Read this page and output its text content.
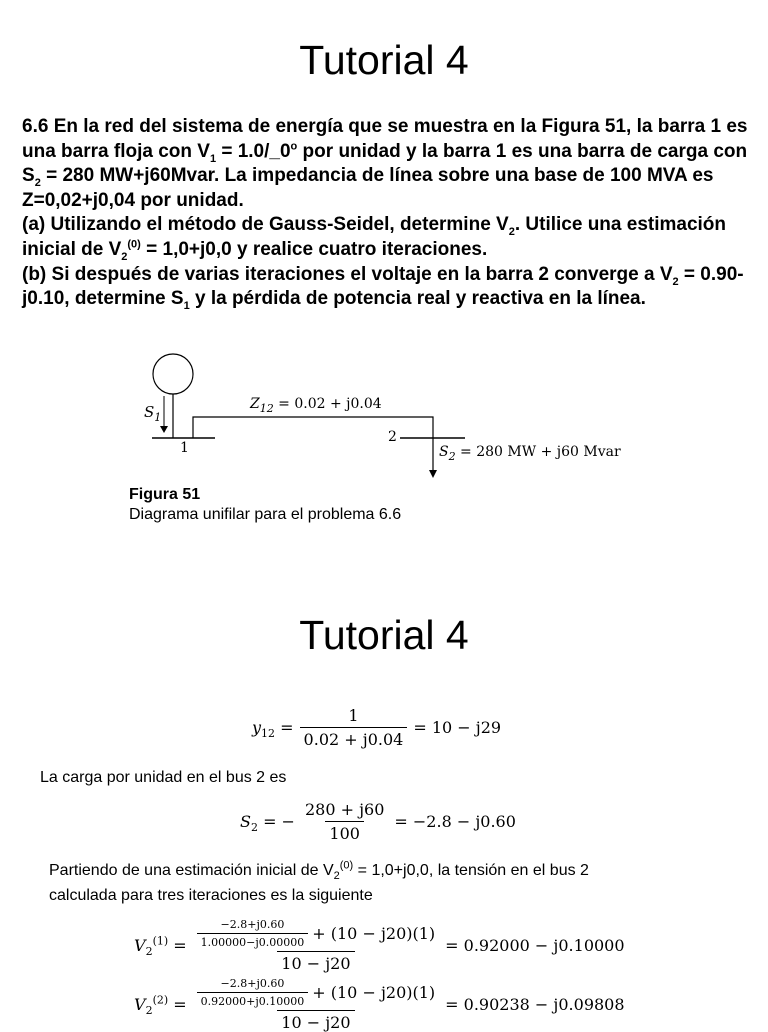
Tutorial 4

6.6 En la red del sistema de energía que se muestra en la Figura 51, la barra 1 es una barra floja con $V_1$ = $1.0/\_0^o$ por unidad y la barra 1 es una barra de carga con $S_2 = 280$ MW+j60Mvar. La impedancia de línea sobre una base de 100 MVA es Z=0,02+j0,04 por unidad.

(a) Utilizando el método de Gauss-Seidel, determine $V_2$. Utilice una estimación inicial de $V_2^{(0)} = 1,0+j0,0$ y realice cuatro iteraciones.

(b) Si después de varias iteraciones el voltaje en la barra 2 converge a $V_2 = 0.90-j0.10$, determine $S_1$ y la pérdida de potencia real y reactiva en la línea.

$S_1$
1
2
$Z_{12} = 0.02 + j0.04$
$S_2 = 280$ MW + j60 Mvar
Figura 51
Diagrama unifilar para el problema 6.6
Tutorial 4
$y_{12} = \frac{1}{0.02 + j0.04} = 10 - j29$
La carga por unidad en el bus 2 es
$S_2$ = − $\frac{280 + j60}{100} = -2.8 - j0.60$
Partiendo de una estimación inicial de $V_2^{(0)} = 1,0+j0,0$, la tensión en el bus 2
calculada para tres iteraciones es la siguiente
$V_2^{(1)} = \frac{\frac{-2.8+j0.60}{1.00000-j0.00000} + (10 - j20)(1)}{10 - j20} = 0.92000 - j0.10000$
$V_2^{(2)} = \frac{\frac{-2.8+j0.60}{0.92000+j0.10000} + (10 - j20)(1)}{10 - j20} = 0.90238 - j0.09808$
